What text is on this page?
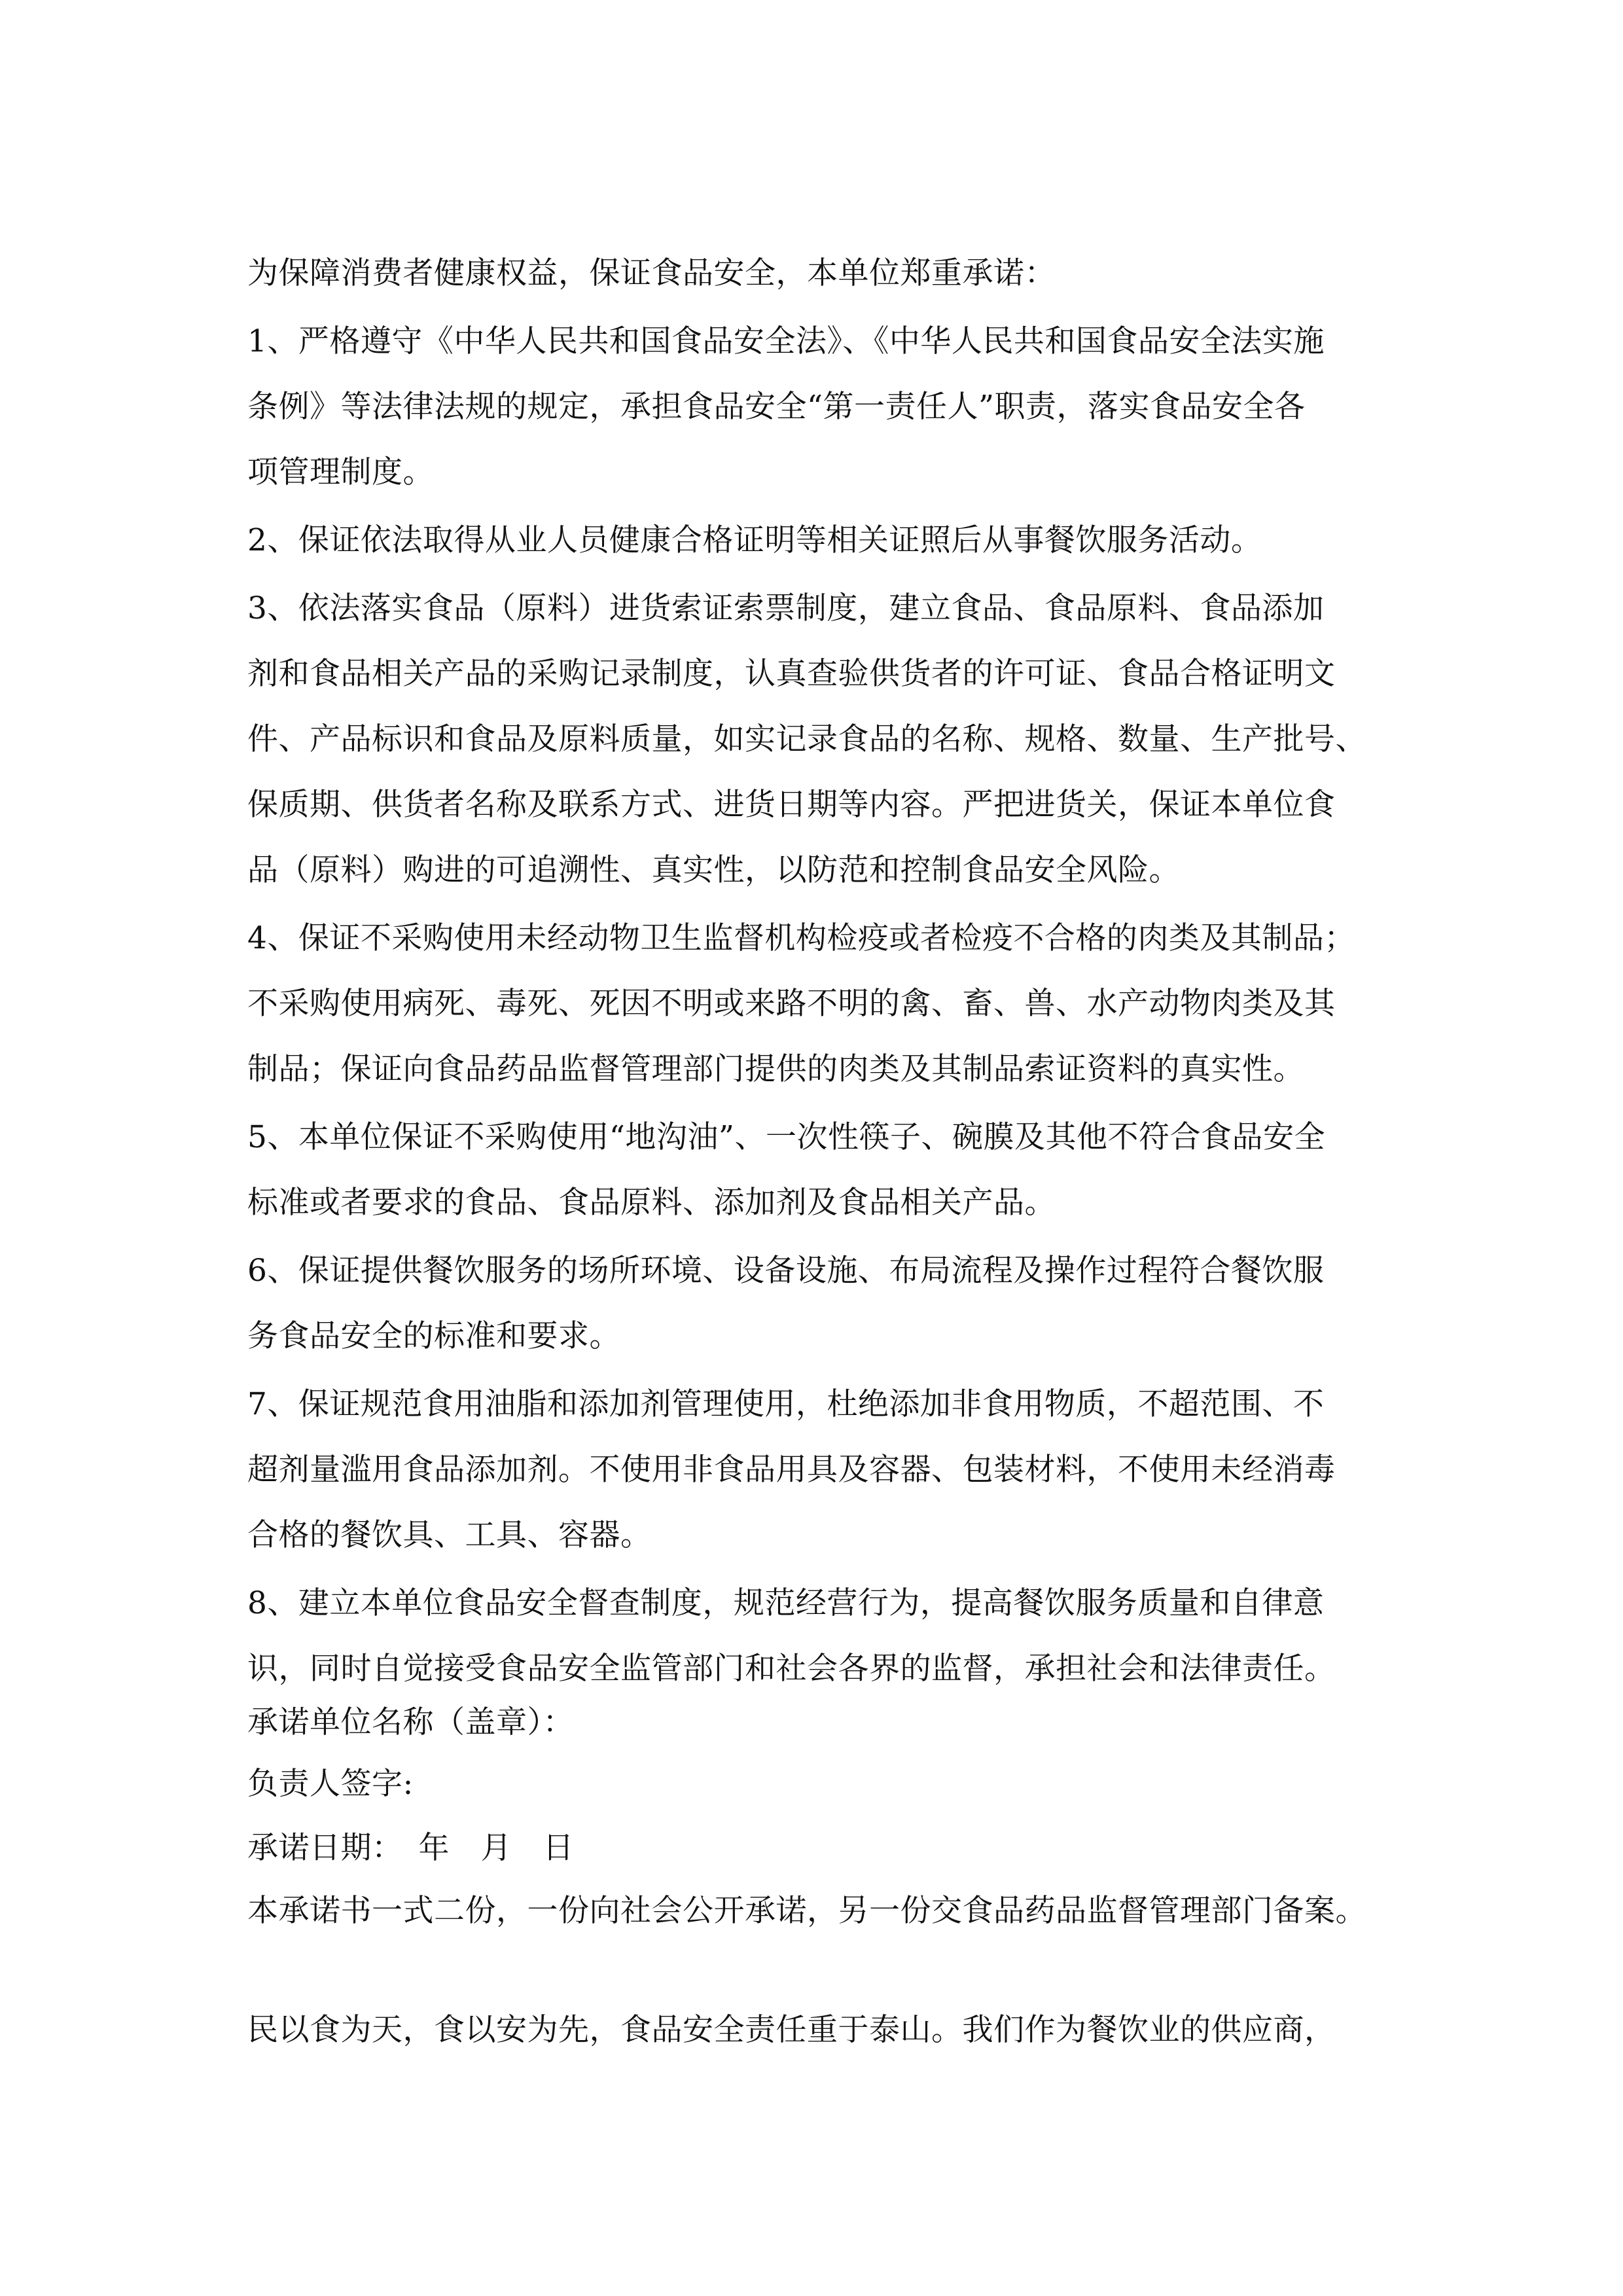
为保障消费者健康权益，保证食品安全，本单位郑重承诺：
1、严格遵守《中华人民共和国食品安全法》、《中华人民共和国食品安全法实施
条例》等法律法规的规定，承担食品安全“第一责任人”职责，落实食品安全各
项管理制度。
2、保证依法取得从业人员健康合格证明等相关证照后从事餐饮服务活动。
3、依法落实食品（原料）进货索证索票制度，建立食品、食品原料、食品添加
剂和食品相关产品的采购记录制度，认真查验供货者的许可证、食品合格证明文
件、产品标识和食品及原料质量，如实记录食品的名称、规格、数量、生产批号、
保质期、供货者名称及联系方式、进货日期等内容。严把进货关，保证本单位食
品（原料）购进的可追溯性、真实性，以防范和控制食品安全风险。
4、保证不采购使用未经动物卫生监督机构检疫或者检疫不合格的肉类及其制品；
不采购使用病死、毒死、死因不明或来路不明的禽、畜、兽、水产动物肉类及其
制品；保证向食品药品监督管理部门提供的肉类及其制品索证资料的真实性。
5、本单位保证不采购使用“地沟油”、一次性筷子、碗膜及其他不符合食品安全
标准或者要求的食品、食品原料、添加剂及食品相关产品。
6、保证提供餐饮服务的场所环境、设备设施、布局流程及操作过程符合餐饮服
务食品安全的标准和要求。
7、保证规范食用油脂和添加剂管理使用，杜绝添加非食用物质，不超范围、不
超剂量滥用食品添加剂。不使用非食品用具及容器、包装材料，不使用未经消毒
合格的餐饮具、工具、容器。
8、建立本单位食品安全督查制度，规范经营行为，提高餐饮服务质量和自律意
识，同时自觉接受食品安全监管部门和社会各界的监督，承担社会和法律责任。
承诺单位名称（盖章）：
负责人签字:
承诺日期：　年　月　日
本承诺书一式二份，一份向社会公开承诺，另一份交食品药品监督管理部门备案。
民以食为天，食以安为先，食品安全责任重于泰山。我们作为餐饮业的供应商，
